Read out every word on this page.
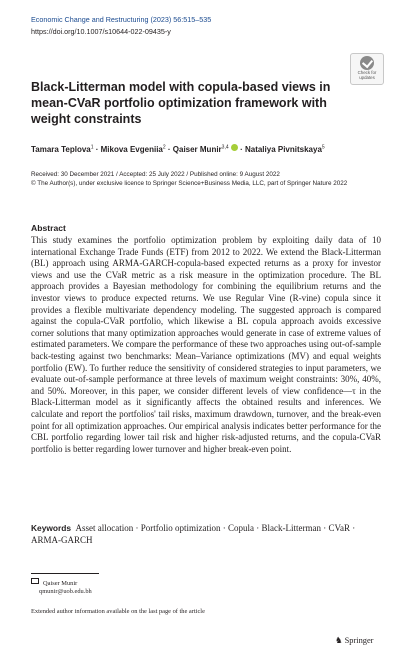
Economic Change and Restructuring (2023) 56:515–535
https://doi.org/10.1007/s10644-022-09435-y
Check for
updates
Black-Litterman model with copula-based views in mean-CVaR portfolio optimization framework with weight constraints
Tamara Teplova$^1$ · Mikova Evgeniia$^2$ · Qaiser Munir$^{3,4}$  · Nataliya Pivnitskaya$^5$
Received: 30 December 2021 / Accepted: 25 July 2022 / Published online: 9 August 2022
© The Author(s), under exclusive licence to Springer Science+Business Media, LLC, part of Springer Nature 2022
Abstract
This study examines the portfolio optimization problem by exploiting daily data of 10 international Exchange Trade Funds (ETF) from 2012 to 2022. We extend the Black-Litterman (BL) approach using ARMA-GARCH-copula-based expected returns as a proxy for investor views and use the CVaR metric as a risk measure in the optimization procedure. The BL approach provides a Bayesian methodology for combining the equilibrium returns and the investor views to produce expected returns. We use Regular Vine (R-vine) copula since it provides a flexible multivariate dependency modeling. The suggested approach is compared against the copula-CVaR portfolio, which likewise a BL copula approach avoids excessive corner solutions that many optimization approaches would generate in case of extreme values of estimated parameters. We compare the performance of these two approaches using out-of-sample back-testing against two benchmarks: Mean–Variance optimizations (MV) and equal weights portfolio (EW). To further reduce the sensitivity of considered strategies to input parameters, we evaluate out-of-sample performance at three levels of maximum weight constraints: 30%, 40%, and 50%. Moreover, in this paper, we consider different levels of view confidence—τ in the Black-Litterman model as it significantly affects the obtained results and inferences. We calculate and report the portfolios' tail risks, maximum drawdown, turnover, and the break-even point for all optimization approaches. Our empirical analysis indicates better performance for the CBL portfolio regarding lower tail risk and higher risk-adjusted returns, and the copula-CVaR portfolio is better regarding lower turnover and higher break-even point.
Keywords Asset allocation · Portfolio optimization · Copula · Black-Litterman · CVaR · ARMA-GARCH
Qaiser Munir
qmunir@uob.edu.bh
Extended author information available on the last page of the article
♞ Springer
